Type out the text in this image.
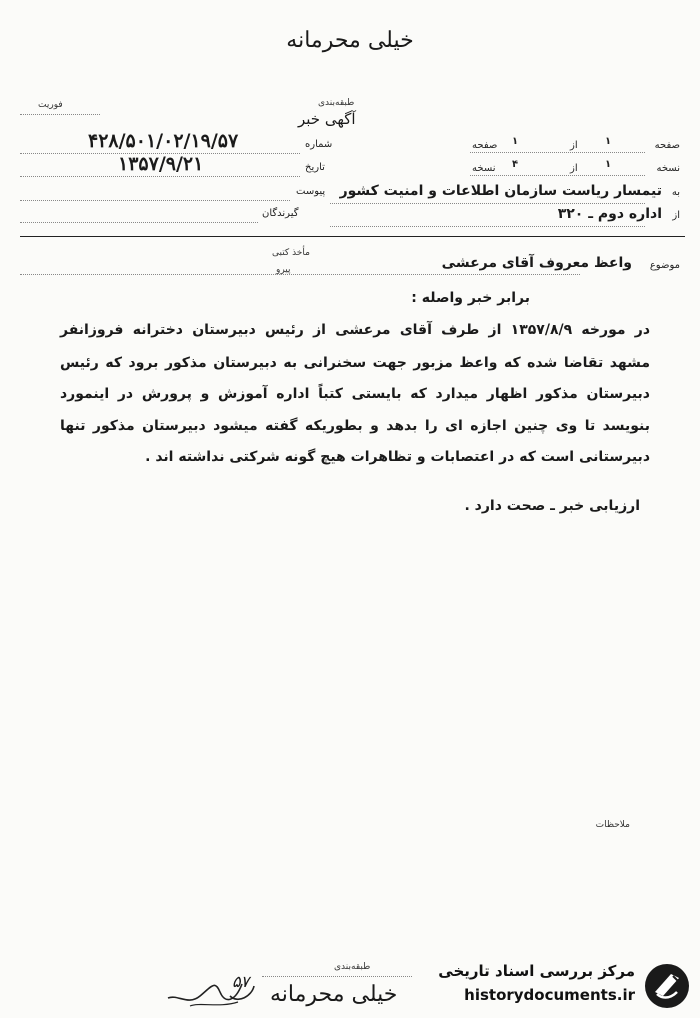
خیلی محرمانه
فوریت	طبقه‌بندی
آگهی خبر
صفحه
۱
از
۱
صفحه
نسخه
۱
از
۴
نسخه
شماره
۴۲۸/۵۰۱/۰۲/۱۹/۵۷
تاریخ
۱۳۵۷/۹/۲۱
پیوست
گیرندگان
به
تیمسار ریاست سازمان اطلاعات و امنیت کشور
از
اداره دوم ـ ۳۲۰
مأخذ کتبی
پیرو	موضوع
واعظ معروف آقای مرعشی
برابر خبر واصله :
در مورخه ۱۳۵۷/۸/۹ از طرف آقای مرعشی از رئیس دبیرستان دخترانه فروزانفر
مشهد تقاضا شده که واعظ مزبور جهت سخنرانی به دبیرستان مذکور برود که رئیس
دبیرستان مذکور اظهار میدارد که بایستی کتباً اداره آموزش و پرورش در اینمورد
بنویسد تا وی چنین اجازه ای را بدهد و بطوریکه گفته میشود دبیرستان مذکور تنها
دبیرستانی است که در اعتصابات و تظاهرات هیچ گونه شرکتی نداشته اند .
ارزیابی خبر ـ صحت دارد .
ملاحظات
طبقه‌بندی
خیلی محرمانه
۵۷
مرکز بررسی اسناد تاریخی
historydocuments.ir
